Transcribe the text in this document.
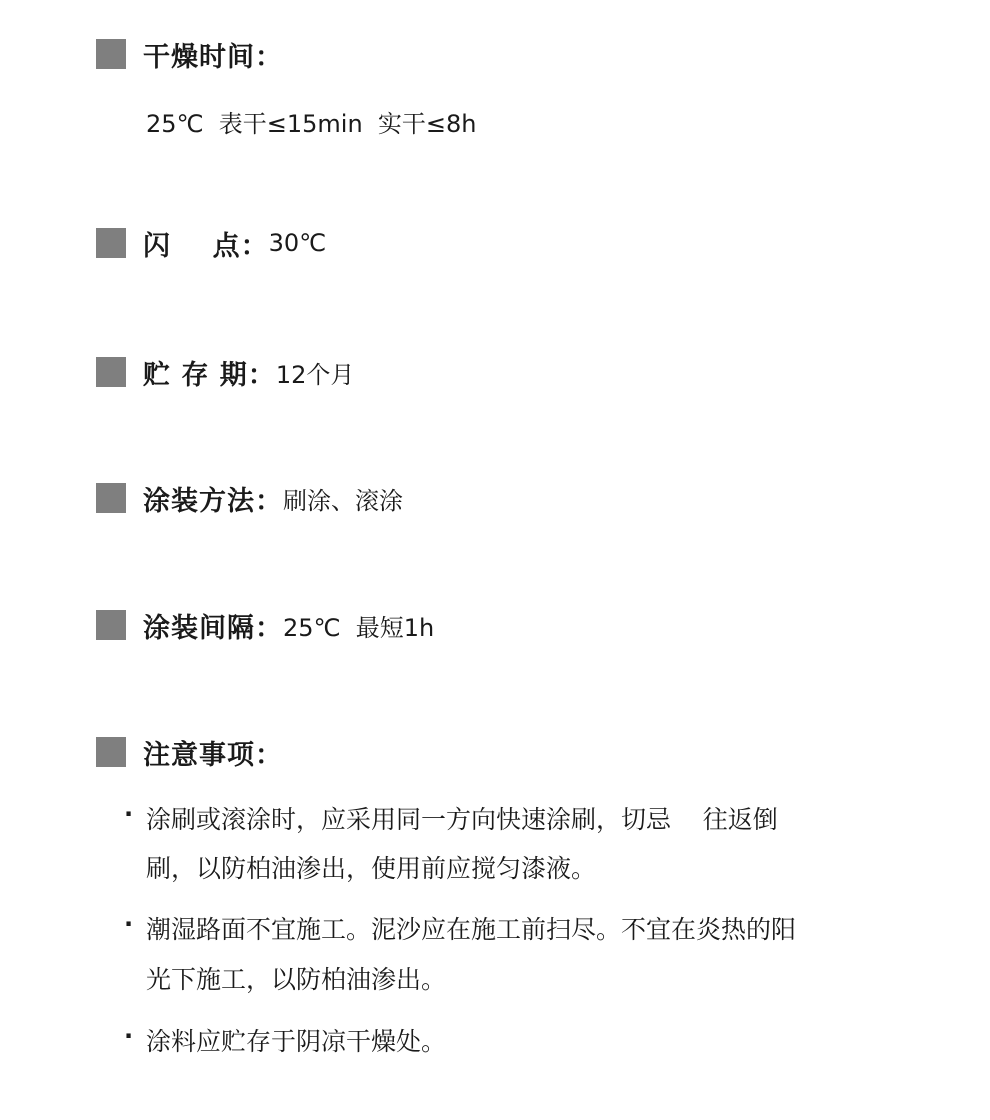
干燥时间：
25℃  表干≤15min  实干≤8h
闪    点： 30℃
贮 存 期： 12个月
涂装方法： 刷涂、滚涂
涂装间隔： 25℃  最短1h
注意事项：
· 涂刷或滚涂时，应采用同一方向快速涂刷，切忌    往返倒
刷，以防柏油渗出，使用前应搅匀漆液。
· 潮湿路面不宜施工。泥沙应在施工前扫尽。不宜在炎热的阳
光下施工，以防柏油渗出。
· 涂料应贮存于阴凉干燥处。
